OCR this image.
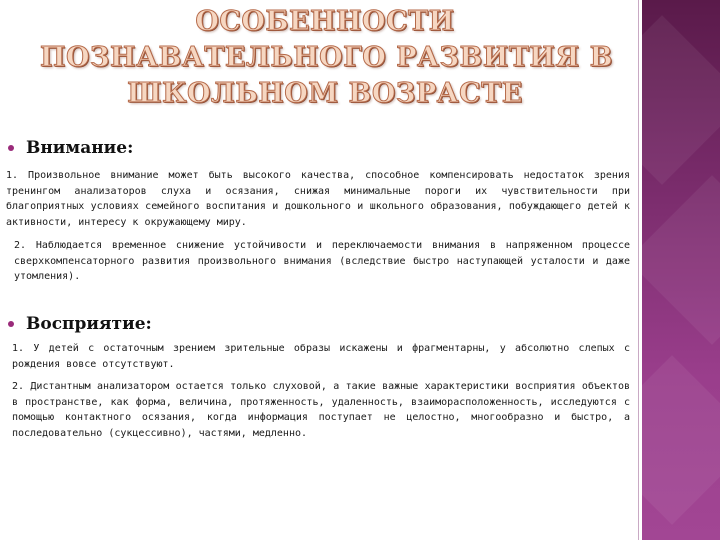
ОСОБЕННОСТИ
ПОЗНАВАТЕЛЬНОГО РАЗВИТИЯ В
ШКОЛЬНОМ ВОЗРАСТЕ
Внимание:
1. Произвольное внимание может быть высокого качества, способное компенсировать недостаток зрения тренингом анализаторов слуха и осязания, снижая минимальные пороги их чувствительности при благоприятных условиях семейного воспитания и дошкольного и школьного образования, побуждающего детей к активности, интересу к окружающему миру.
2. Наблюдается временное снижение устойчивости и переключаемости внимания в напряженном процессе сверхкомпенсаторного развития произвольного внимания (вследствие быстро наступающей усталости и даже утомления).
Восприятие:
1. У детей с остаточным зрением зрительные образы искажены и фрагментарны, у абсолютно слепых с рождения вовсе отсутствуют.
2. Дистантным анализатором остается только слуховой, а такие важные характеристики восприятия объектов в пространстве, как форма, величина, протяженность, удаленность, взаиморасположенность, исследуются с помощью контактного осязания, когда информация поступает не целостно, многообразно и быстро, а последовательно (сукцессивно), частями, медленно.
